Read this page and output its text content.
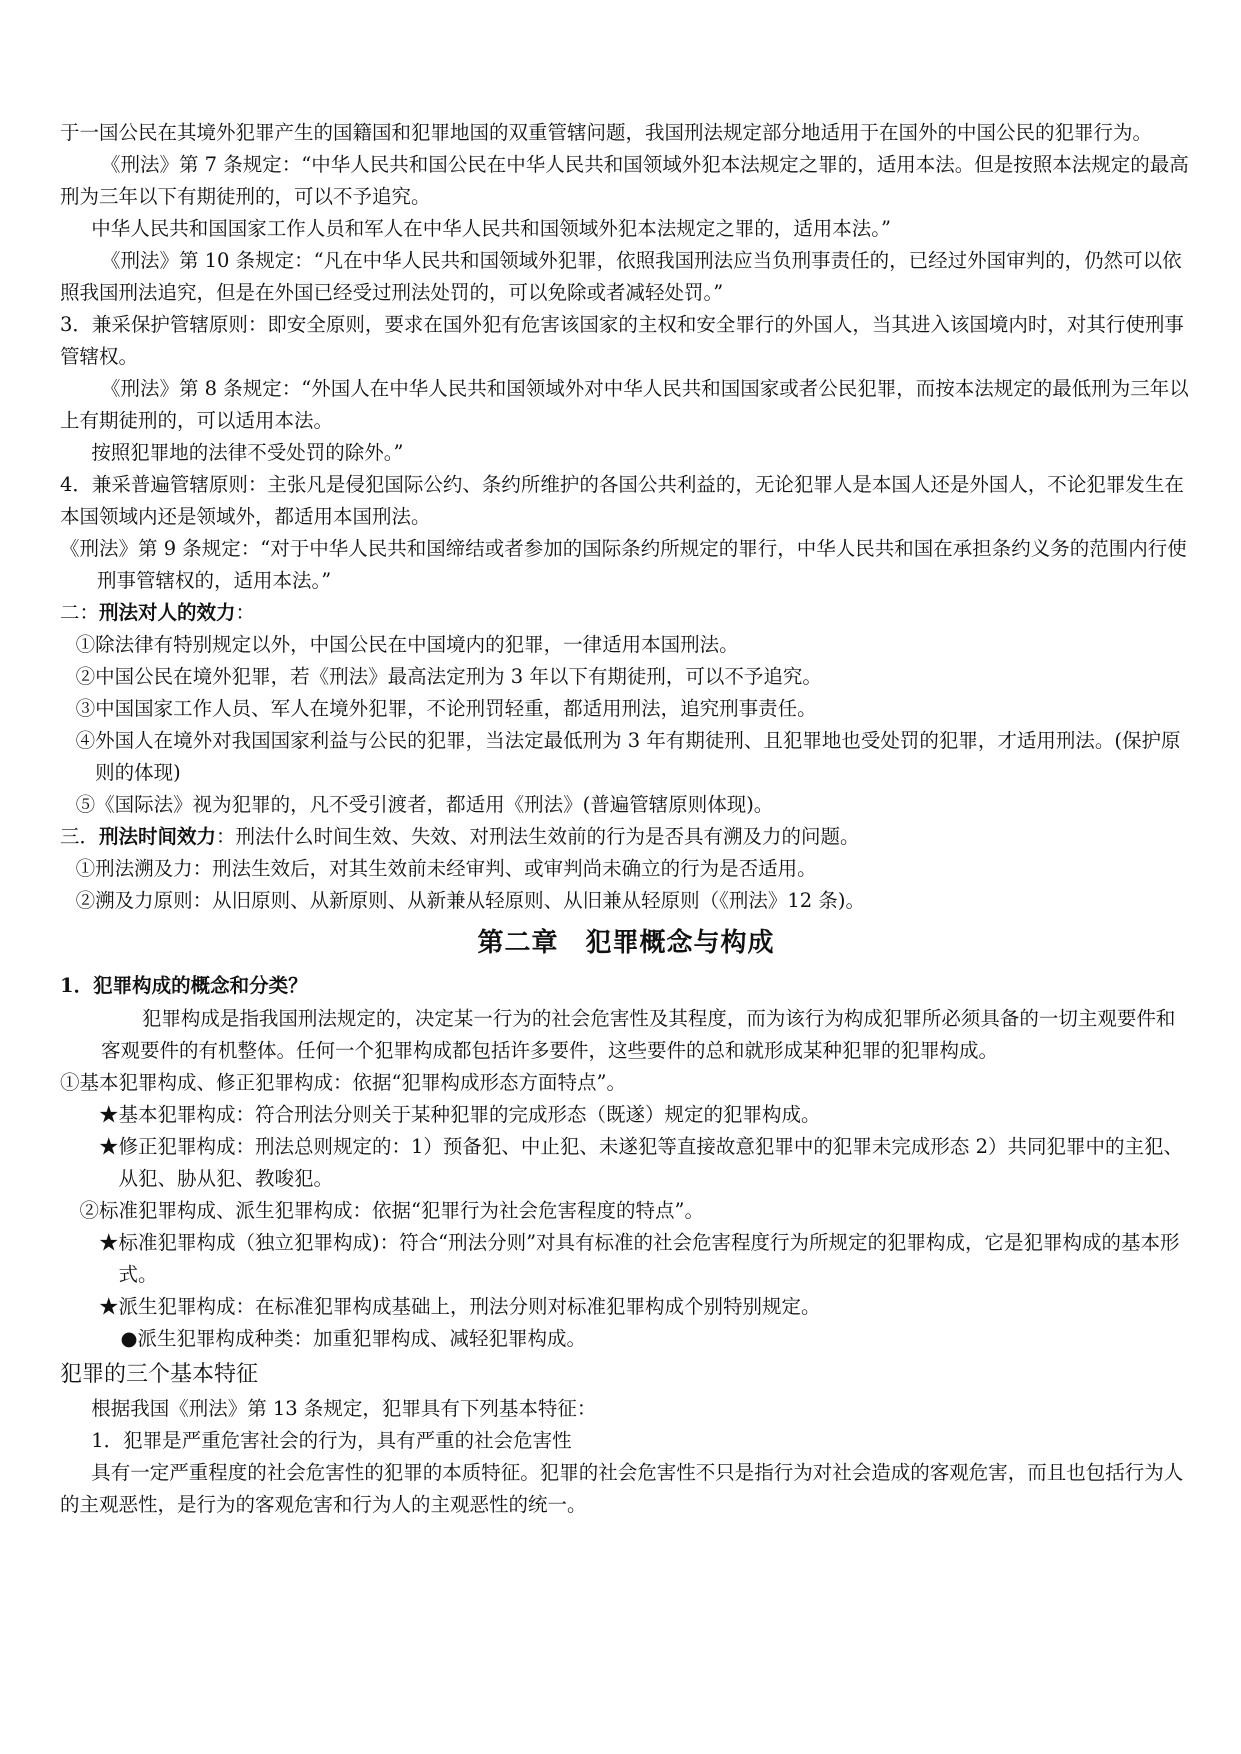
于一国公民在其境外犯罪产生的国籍国和犯罪地国的双重管辖问题，我国刑法规定部分地适用于在国外的中国公民的犯罪行为。

《刑法》第 7 条规定：“中华人民共和国公民在中华人民共和国领域外犯本法规定之罪的，适用本法。但是按照本法规定的最高刑为三年以下有期徒刑的，可以不予追究。

中华人民共和国国家工作人员和军人在中华人民共和国领域外犯本法规定之罪的，适用本法。”

《刑法》第 10 条规定：“凡在中华人民共和国领域外犯罪，依照我国刑法应当负刑事责任的，已经过外国审判的，仍然可以依照我国刑法追究，但是在外国已经受过刑法处罚的，可以免除或者减轻处罚。”

3．兼采保护管辖原则：即安全原则，要求在国外犯有危害该国家的主权和安全罪行的外国人，当其进入该国境内时，对其行使刑事管辖权。

《刑法》第 8 条规定：“外国人在中华人民共和国领域外对中华人民共和国国家或者公民犯罪，而按本法规定的最低刑为三年以上有期徒刑的，可以适用本法。

按照犯罪地的法律不受处罚的除外。”

4．兼采普遍管辖原则：主张凡是侵犯国际公约、条约所维护的各国公共利益的，无论犯罪人是本国人还是外国人，不论犯罪发生在本国领域内还是领域外，都适用本国刑法。

《刑法》第 9 条规定：“对于中华人民共和国缔结或者参加的国际条约所规定的罪行，中华人民共和国在承担条约义务的范围内行使刑事管辖权的，适用本法。”

二：刑法对人的效力：

①除法律有特别规定以外，中国公民在中国境内的犯罪，一律适用本国刑法。

②中国公民在境外犯罪，若《刑法》最高法定刑为 3 年以下有期徒刑，可以不予追究。

③中国国家工作人员、军人在境外犯罪，不论刑罚轻重，都适用刑法，追究刑事责任。

④外国人在境外对我国国家利益与公民的犯罪，当法定最低刑为 3 年有期徒刑、且犯罪地也受处罚的犯罪，才适用刑法。(保护原则的体现)

⑤《国际法》视为犯罪的，凡不受引渡者，都适用《刑法》(普遍管辖原则体现)。

三．刑法时间效力：刑法什么时间生效、失效、对刑法生效前的行为是否具有溯及力的问题。

①刑法溯及力：刑法生效后，对其生效前未经审判、或审判尚未确立的行为是否适用。

②溯及力原则：从旧原则、从新原则、从新兼从轻原则、从旧兼从轻原则（《刑法》12 条)。

第二章　犯罪概念与构成

1．犯罪构成的概念和分类？

犯罪构成是指我国刑法规定的，决定某一行为的社会危害性及其程度，而为该行为构成犯罪所必须具备的一切主观要件和客观要件的有机整体。任何一个犯罪构成都包括许多要件，这些要件的总和就形成某种犯罪的犯罪构成。

①基本犯罪构成、修正犯罪构成：依据“犯罪构成形态方面特点”。

★基本犯罪构成：符合刑法分则关于某种犯罪的完成形态（既遂）规定的犯罪构成。

★修正犯罪构成：刑法总则规定的：1）预备犯、中止犯、未遂犯等直接故意犯罪中的犯罪未完成形态 2）共同犯罪中的主犯、从犯、胁从犯、教唆犯。

②标准犯罪构成、派生犯罪构成：依据“犯罪行为社会危害程度的特点”。

★标准犯罪构成（独立犯罪构成)：符合“刑法分则”对具有标准的社会危害程度行为所规定的犯罪构成，它是犯罪构成的基本形式。

★派生犯罪构成：在标准犯罪构成基础上，刑法分则对标准犯罪构成个别特别规定。

●派生犯罪构成种类：加重犯罪构成、减轻犯罪构成。

犯罪的三个基本特征

根据我国《刑法》第 13 条规定，犯罪具有下列基本特征：

1．犯罪是严重危害社会的行为，具有严重的社会危害性

具有一定严重程度的社会危害性的犯罪的本质特征。犯罪的社会危害性不只是指行为对社会造成的客观危害，而且也包括行为人的主观恶性，是行为的客观危害和行为人的主观恶性的统一。
